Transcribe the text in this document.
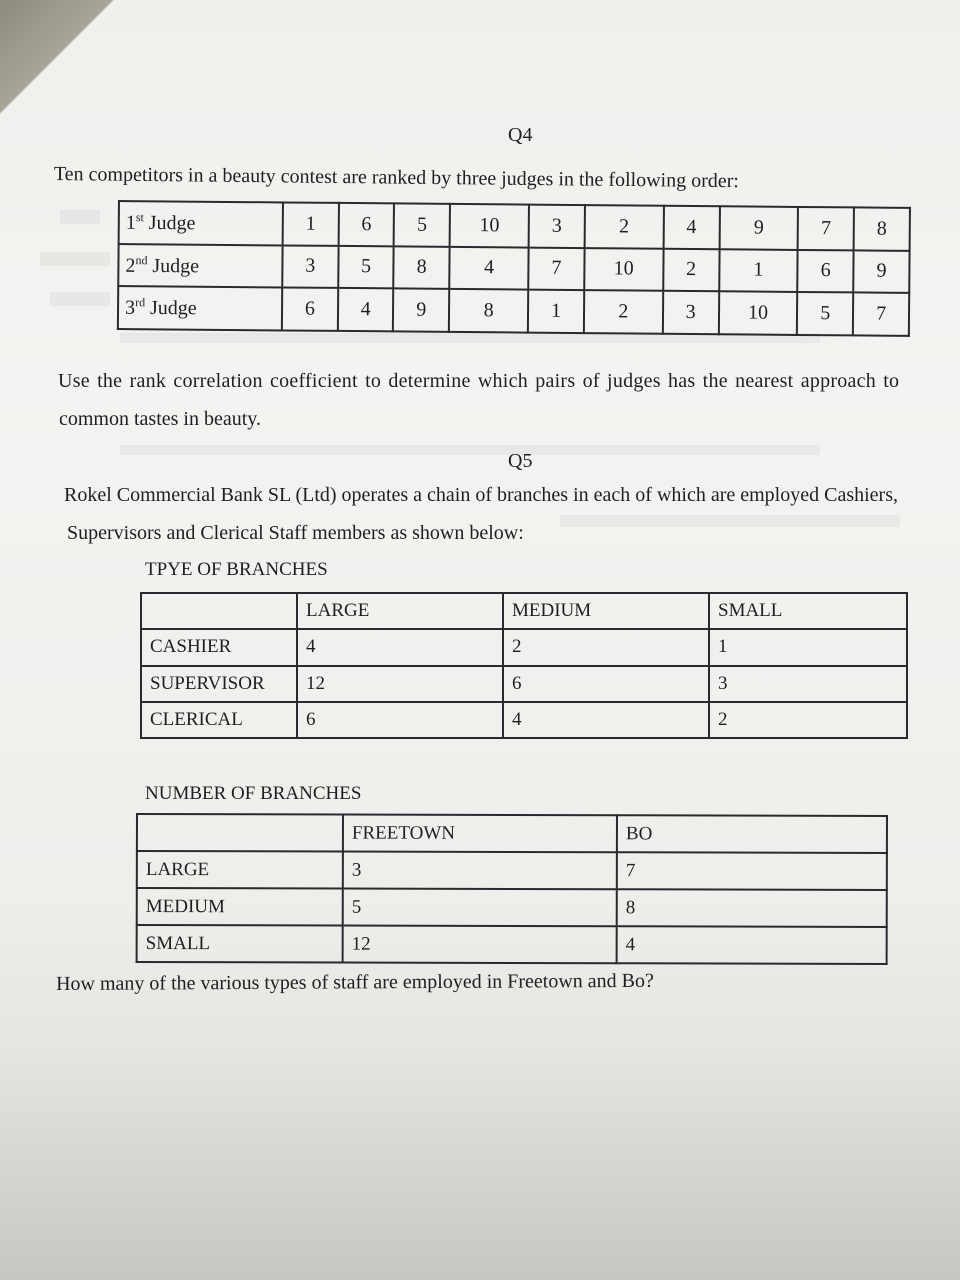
Q4
Ten competitors in a beauty contest are ranked by three judges in the following order:
1st Judge	1	6	5	10	3	2	4	9	7	8
2nd Judge	3	5	8	4	7	10	2	1	6	9
3rd Judge	6	4	9	8	1	2	3	10	5	7
Use the rank correlation coefficient to determine which pairs of judges has the nearest approach to
common tastes in beauty.
Q5
Rokel Commercial Bank SL (Ltd) operates a chain of branches in each of which are employed Cashiers,
Supervisors and Clerical Staff members as shown below:
TPYE OF BRANCHES
	LARGE	MEDIUM	SMALL
CASHIER	4	2	1
SUPERVISOR	12	6	3
CLERICAL	6	4	2
NUMBER OF BRANCHES
	FREETOWN	BO
LARGE	3	7
MEDIUM	5	8
SMALL	12	4
How many of the various types of staff are employed in Freetown and Bo?
